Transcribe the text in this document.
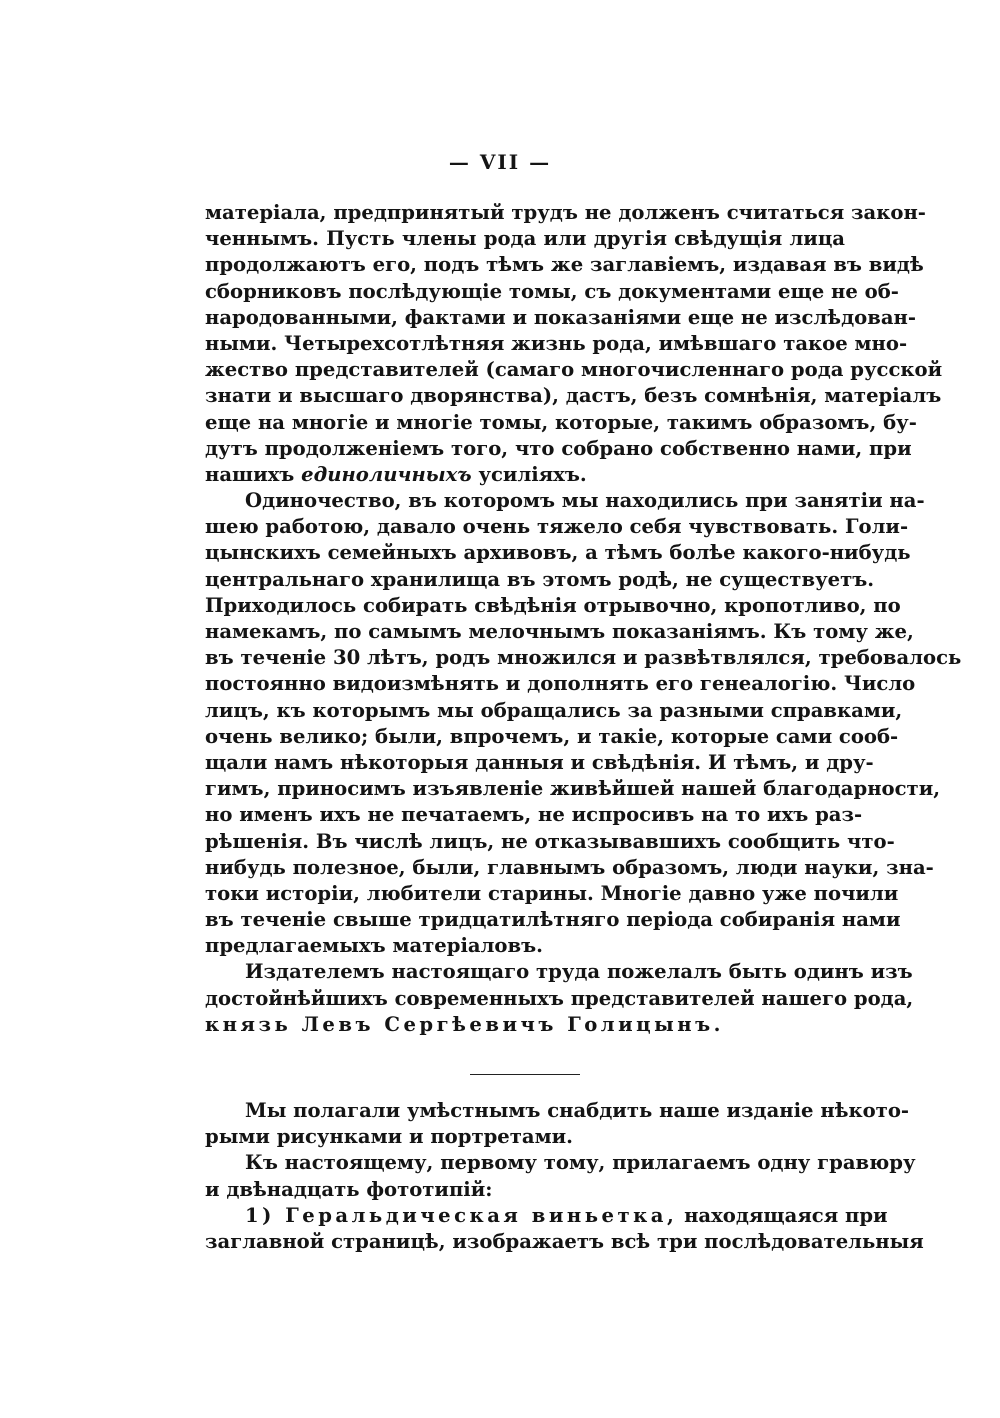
— VII —
матеріала, предпринятый трудъ не долженъ считаться закон-
ченнымъ. Пусть члены рода или другія свѣдущія лица
продолжаютъ его, подъ тѣмъ же заглавіемъ, издавая въ видѣ
сборниковъ послѣдующіе томы, съ документами еще не об-
народованными, фактами и показаніями еще не изслѣдован-
ными. Четырехсотлѣтняя жизнь рода, имѣвшаго такое мно-
жество представителей (самаго многочисленнаго рода русской
знати и высшаго дворянства), дастъ, безъ сомнѣнія, матеріалъ
еще на многіе и многіе томы, которые, такимъ образомъ, бу-
дутъ продолженіемъ того, что собрано собственно нами, при
нашихъ единоличныхъ усиліяхъ.
Одиночество, въ которомъ мы находились при занятіи на-
шею работою, давало очень тяжело себя чувствовать. Голи-
цынскихъ семейныхъ архивовъ, а тѣмъ болѣе какого-нибудь
центральнаго хранилища въ этомъ родѣ, не существуетъ.
Приходилось собирать свѣдѣнія отрывочно, кропотливо, по
намекамъ, по самымъ мелочнымъ показаніямъ. Къ тому же,
въ теченіе 30 лѣтъ, родъ множился и развѣтвлялся, требовалось
постоянно видоизмѣнять и дополнять его генеалогію. Число
лицъ, къ которымъ мы обращались за разными справками,
очень велико; были, впрочемъ, и такіе, которые сами сооб-
щали намъ нѣкоторыя данныя и свѣдѣнія. И тѣмъ, и дру-
гимъ, приносимъ изъявленіе живѣйшей нашей благодарности,
но именъ ихъ не печатаемъ, не испросивъ на то ихъ раз-
рѣшенія. Въ числѣ лицъ, не отказывавшихъ сообщить что-
нибудь полезное, были, главнымъ образомъ, люди науки, зна-
токи исторіи, любители старины. Многіе давно уже почили
въ теченіе свыше тридцатилѣтняго періода собиранія нами
предлагаемыхъ матеріаловъ.
Издателемъ настоящаго труда пожелалъ быть одинъ изъ
достойнѣйшихъ современныхъ представителей нашего рода,
князь Левъ Сергѣевичъ Голицынъ.
Мы полагали умѣстнымъ снабдить наше изданіе нѣкото-
рыми рисунками и портретами.
Къ настоящему, первому тому, прилагаемъ одну гравюру
и двѣнадцать фототипій:
1) Геральдическая виньетка, находящаяся при
заглавной страницѣ, изображаетъ всѣ три послѣдовательныя
